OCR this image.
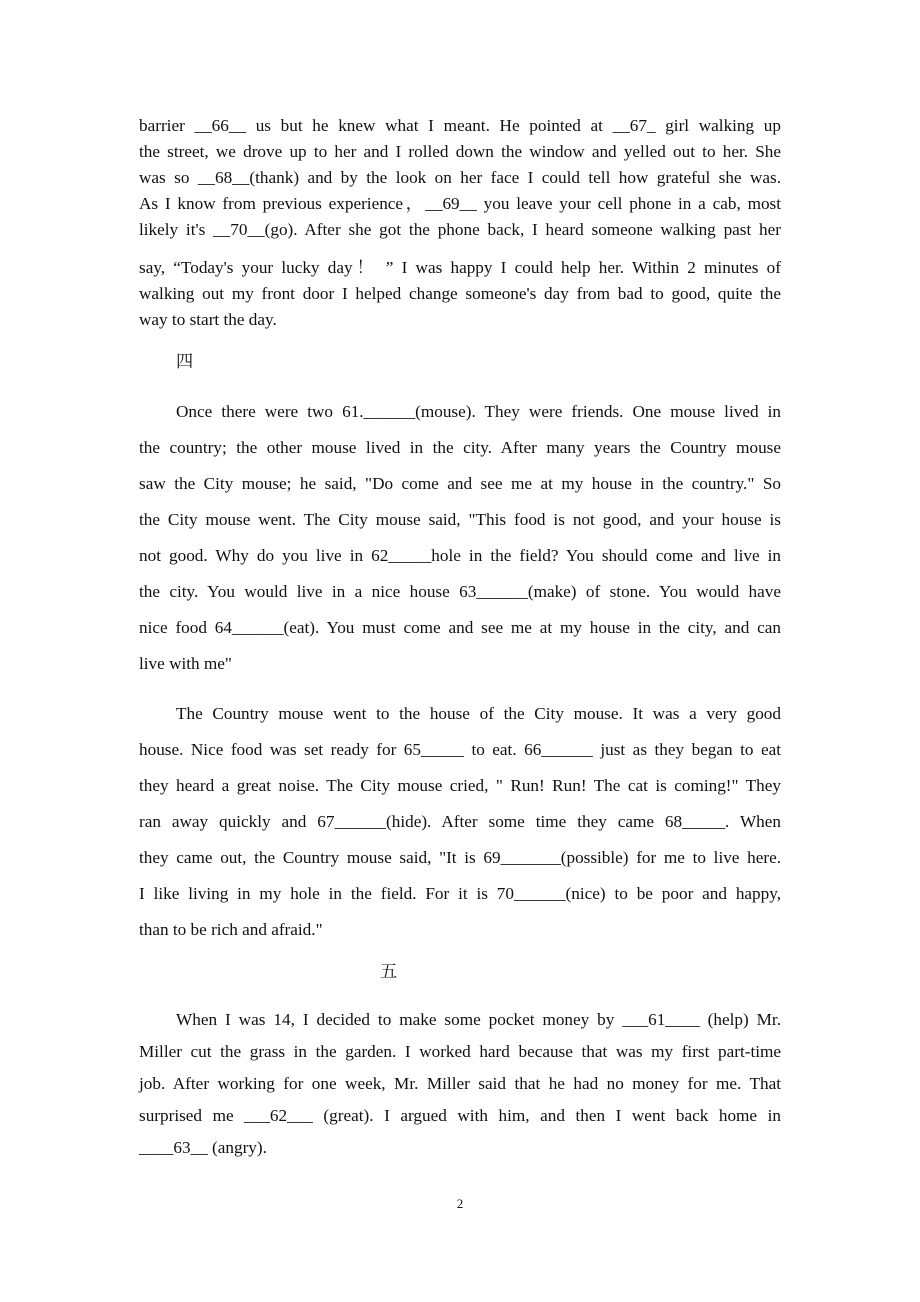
barrier __66__ us but he knew what I meant. He pointed at __67_ girl walking up
the street, we drove up to her and I rolled down the window and yelled out to her. She
was so __68__(thank) and by the look on her face I could tell how grateful she was.
As I know from previous experience，__69__ you leave your cell phone in a cab, most
likely it's __70__(go). After she got the phone back, I heard someone walking past her
say, “Today's your lucky day！ ” I was happy I could help her. Within 2 minutes of
walking out my front door I helped change someone's day from bad to good, quite the
way to start the day.
Once there were two 61.______(mouse). They were friends. One mouse lived in
the country; the other mouse lived in the city. After many years the Country mouse
saw the City mouse; he said, "Do come and see me at my house in the country." So
the City mouse went. The City mouse said, "This food is not good, and your house is
not good. Why do you live in 62_____hole in the field? You should come and live in
the city. You would live in a nice house 63______(make) of stone. You would have
nice food 64______(eat). You must come and see me at my house in the city, and can
live with me"
The Country mouse went to the house of the City mouse. It was a very good
house. Nice food was set ready for 65_____ to eat. 66______ just as they began to eat
they heard a great noise. The City mouse cried, " Run! Run! The cat is coming!" They
ran away quickly and 67______(hide). After some time they came 68_____. When
they came out, the Country mouse said, "It is 69_______(possible) for me to live here.
I like living in my hole in the field. For it is 70______(nice) to be poor and happy,
than to be rich and afraid."
When I was 14, I decided to make some pocket money by ___61____ (help) Mr.
Miller cut the grass in the garden. I worked hard because that was my first part-time
job. After working for one week, Mr. Miller said that he had no money for me. That
surprised me ___62___ (great). I argued with him, and then I went back home in
____63__ (angry).
四
五
2
